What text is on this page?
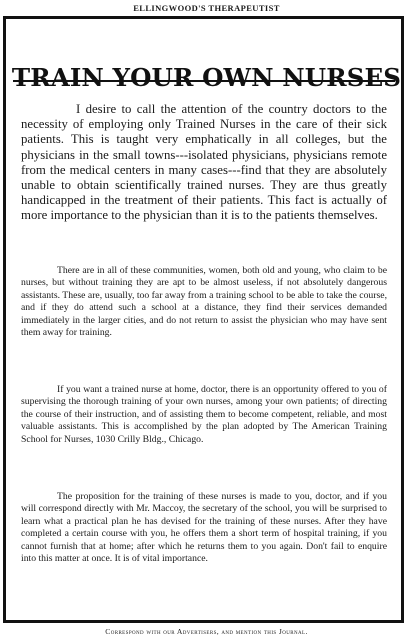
ELLINGWOOD'S THERAPEUTIST
TRAIN YOUR OWN NURSES

I desire to call the attention of the country doctors to the necessity of employing only Trained Nurses in the care of their sick patients. This is taught very emphatically in all colleges, but the physicians in the small towns---isolated physicians, physicians remote from the medical centers in many cases---find that they are absolutely unable to obtain scientifically trained nurses. They are thus greatly handicapped in the treatment of their patients. This fact is actually of more importance to the physician than it is to the patients themselves.

There are in all of these communities, women, both old and young, who claim to be nurses, but without training they are apt to be almost useless, if not absolutely dangerous assistants. These are, usually, too far away from a training school to be able to take the course, and if they do attend such a school at a distance, they find their services demanded immediately in the larger cities, and do not return to assist the physician who may have sent them away for training.

If you want a trained nurse at home, doctor, there is an opportunity offered to you of supervising the thorough training of your own nurses, among your own patients; of directing the course of their instruction, and of assisting them to become competent, reliable, and most valuable assistants. This is accomplished by the plan adopted by The American Training School for Nurses, 1030 Crilly Bldg., Chicago.

The proposition for the training of these nurses is made to you, doctor, and if you will correspond directly with Mr. Maccoy, the secretary of the school, you will be surprised to learn what a practical plan he has devised for the training of these nurses. After they have completed a certain course with you, he offers them a short term of hospital training, if you cannot furnish that at home; after which he returns them to you again. Don't fail to enquire into this matter at once. It is of vital importance.

Correspond with our Advertisers, and mention this Journal.
